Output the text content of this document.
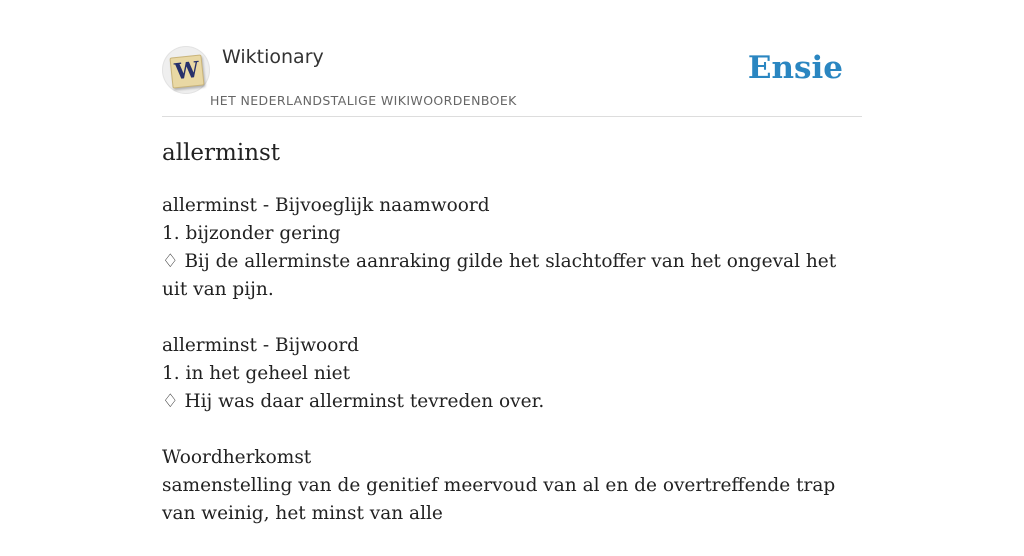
W Wiktionary
HET NEDERLANDSTALIGE WIKIWOORDENBOEK
Ensie
allerminst

allerminst - Bijvoeglijk naamwoord

1. bijzonder gering

♢ Bij de allerminste aanraking gilde het slachtoffer van het ongeval het uit van pijn.

allerminst - Bijwoord

1. in het geheel niet

♢ Hij was daar allerminst tevreden over.

Woordherkomst

samenstelling van de genitief meervoud van al en de overtreffende trap van weinig, het minst van alle
